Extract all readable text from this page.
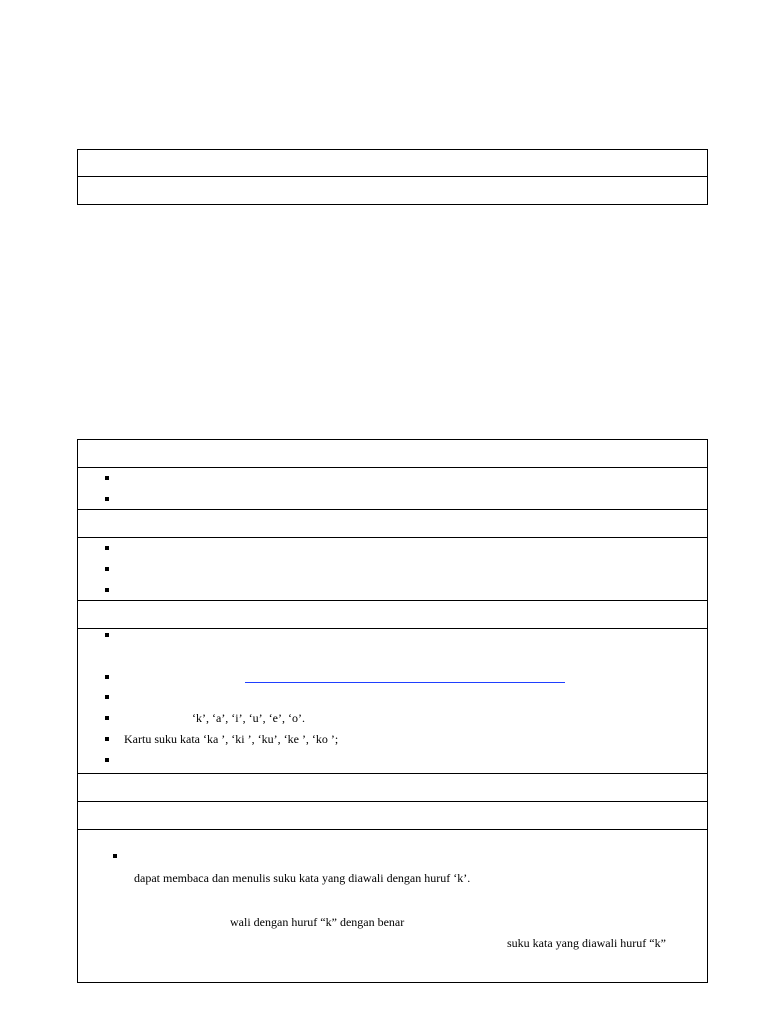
‘k’, ‘a’, ‘i’, ‘u’, ‘e’, ‘o’.
Kartu suku kata ‘ka ’, ‘ki ’, ‘ku’, ‘ke ’, ‘ko ’;
dapat membaca dan menulis suku kata yang diawali dengan huruf ‘k’.
wali dengan huruf “k” dengan benar
suku kata yang diawali huruf “k”
